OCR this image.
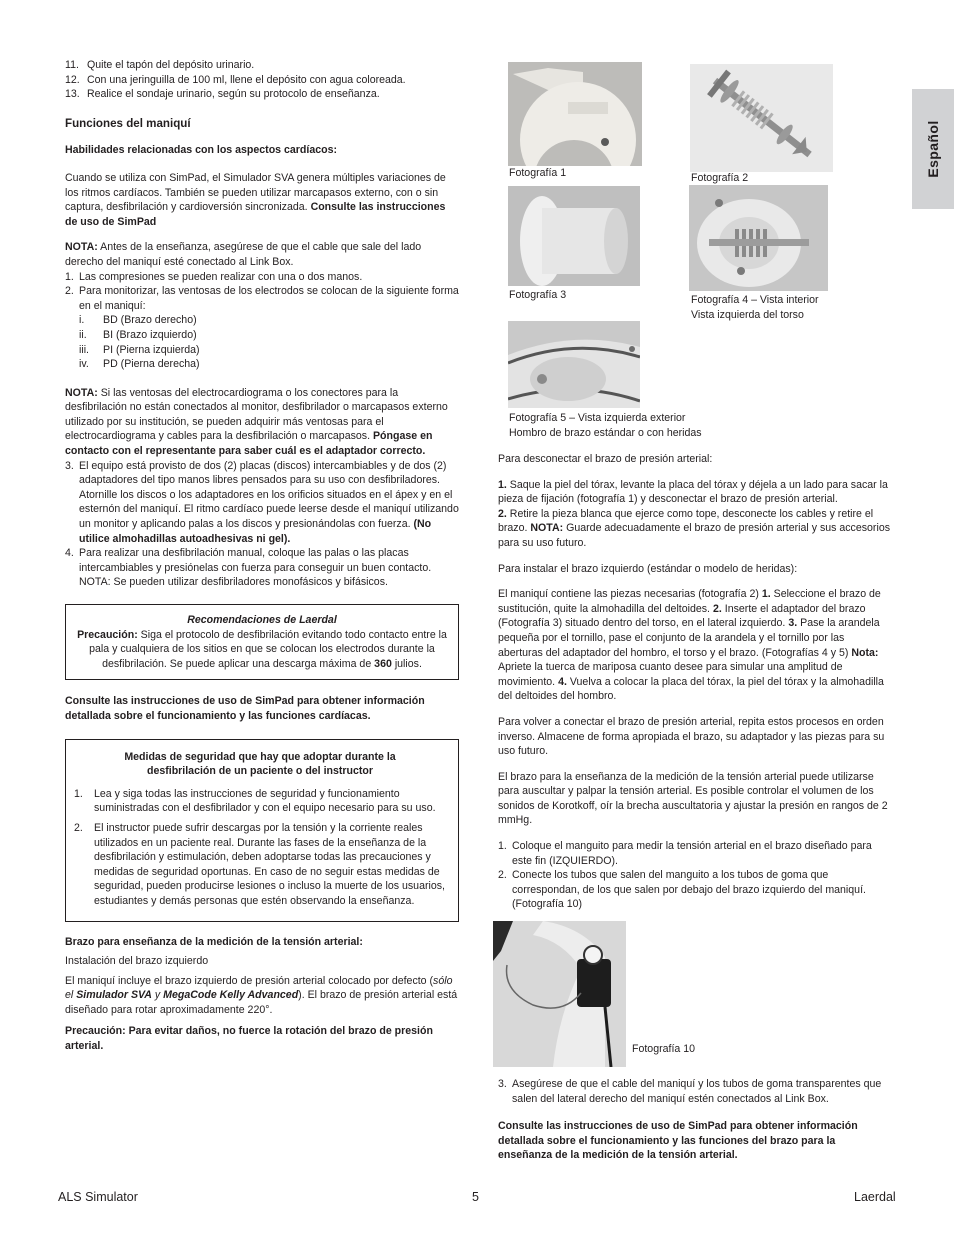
Español
11. Quite el tapón del depósito urinario.
12. Con una jeringuilla de 100 ml, llene el depósito con agua coloreada.
13. Realice el sondaje urinario, según su protocolo de enseñanza.

Funciones del maniquí

Habilidades relacionadas con los aspectos cardíacos:

Cuando se utiliza con SimPad, el Simulador SVA genera múltiples variaciones de los ritmos cardíacos. También se pueden utilizar marcapasos externo, con o sin captura, desfibrilación y cardioversión sincronizada. Consulte las instrucciones de uso de SimPad

NOTA: Antes de la enseñanza, asegúrese de que el cable que sale del lado derecho del maniquí esté conectado al Link Box.

1. Las compresiones se pueden realizar con una o dos manos.
2. Para monitorizar, las ventosas de los electrodos se colocan de la siguiente forma en el maniquí:
i.	BD (Brazo derecho)
ii.	BI (Brazo izquierdo)
iii.	PI (Pierna izquierda)
iv.	PD (Pierna derecha)

NOTA: Si las ventosas del electrocardiograma o los conectores para la desfibrilación no están conectados al monitor, desfibrilador o marcapasos externo utilizado por su institución, se pueden adquirir más ventosas para el electrocardiograma y cables para la desfibrilación o marcapasos. Póngase en contacto con el representante para saber cuál es el adaptador correcto.

3. El equipo está provisto de dos (2) placas (discos) intercambiables y de dos (2) adaptadores del tipo manos libres pensados para su uso con desfibriladores. Atornille los discos o los adaptadores en los orificios situados en el ápex y en el esternón del maniquí. El ritmo cardíaco puede leerse desde el maniquí utilizando un monitor y aplicando palas a los discos y presionándolas con fuerza. (No utilice almohadillas autoadhesivas ni gel).
4. Para realizar una desfibrilación manual, coloque las palas o las placas intercambiables y presiónelas con fuerza para conseguir un buen contacto. NOTA: Se pueden utilizar desfibriladores monofásicos y bifásicos.

Recomendaciones de Laerdal

Precaución: Siga el protocolo de desfibrilación evitando todo contacto entre la pala y cualquiera de los sitios en que se colocan los electrodos durante la desfibrilación. Se puede aplicar una descarga máxima de 360 julios.

Consulte las instrucciones de uso de SimPad para obtener información detallada sobre el funcionamiento y las funciones cardíacas.

Medidas de seguridad que hay que adoptar durante la desfibrilación de un paciente o del instructor

1.	Lea y siga todas las instrucciones de seguridad y funcionamiento suministradas con el desfibrilador y con el equipo necesario para su uso.
2.	El instructor puede sufrir descargas por la tensión y la corriente reales utilizados en un paciente real. Durante las fases de la enseñanza de la desfibrilación y estimulación, deben adoptarse todas las precauciones y medidas de seguridad oportunas. En caso de no seguir estas medidas de seguridad, pueden producirse lesiones o incluso la muerte de los usuarios, estudiantes y demás personas que estén observando la enseñanza.

Brazo para enseñanza de la medición de la tensión arterial:

Instalación del brazo izquierdo

El maniquí incluye el brazo izquierdo de presión arterial colocado por defecto (sólo el Simulador SVA y MegaCode Kelly Advanced). El brazo de presión arterial está diseñado para rotar aproximadamente 220°.

Precaución: Para evitar daños, no fuerce la rotación del brazo de presión arterial.

Fotografía 1	Fotografía 2
Fotografía 3	Fotografía 4 – Vista interior
Vista izquierda del torso
Fotografía 5 – Vista izquierda exterior
Hombro de brazo estándar o con heridas

Para desconectar el brazo de presión arterial:

1. Saque la piel del tórax, levante la placa del tórax y déjela a un lado para sacar la pieza de fijación (fotografía 1) y desconectar el brazo de presión arterial.
2. Retire la pieza blanca que ejerce como tope, desconecte los cables y retire el brazo. NOTA: Guarde adecuadamente el brazo de presión arterial y sus accesorios para su uso futuro.

Para instalar el brazo izquierdo (estándar o modelo de heridas):

El maniquí contiene las piezas necesarias (fotografía 2) 1. Seleccione el brazo de sustitución, quite la almohadilla del deltoides. 2. Inserte el adaptador del brazo (Fotografía 3) situado dentro del torso, en el lateral izquierdo. 3. Pase la arandela pequeña por el tornillo, pase el conjunto de la arandela y el tornillo por las aberturas del adaptador del hombro, el torso y el brazo. (Fotografías 4 y 5) Nota: Apriete la tuerca de mariposa cuanto desee para simular una amplitud de movimiento. 4. Vuelva a colocar la placa del tórax, la piel del tórax y la almohadilla del deltoides del hombro.

Para volver a conectar el brazo de presión arterial, repita estos procesos en orden inverso. Almacene de forma apropiada el brazo, su adaptador y las piezas para su uso futuro.

El brazo para la enseñanza de la medición de la tensión arterial puede utilizarse para auscultar y palpar la tensión arterial. Es posible controlar el volumen de los sonidos de Korotkoff, oír la brecha auscultatoria y ajustar la presión en rangos de 2 mmHg.

1. Coloque el manguito para medir la tensión arterial en el brazo diseñado para este fin (IZQUIERDO).
2. Conecte los tubos que salen del manguito a los tubos de goma que correspondan, de los que salen por debajo del brazo izquierdo del maniquí. (Fotografía 10)
Fotografía 10
3. Asegúrese de que el cable del maniquí y los tubos de goma transparentes que salen del lateral derecho del maniquí estén conectados al Link Box.

Consulte las instrucciones de uso de SimPad para obtener información detallada sobre el funcionamiento y las funciones del brazo para la enseñanza de la medición de la tensión arterial.

ALS Simulator	5	Laerdal
